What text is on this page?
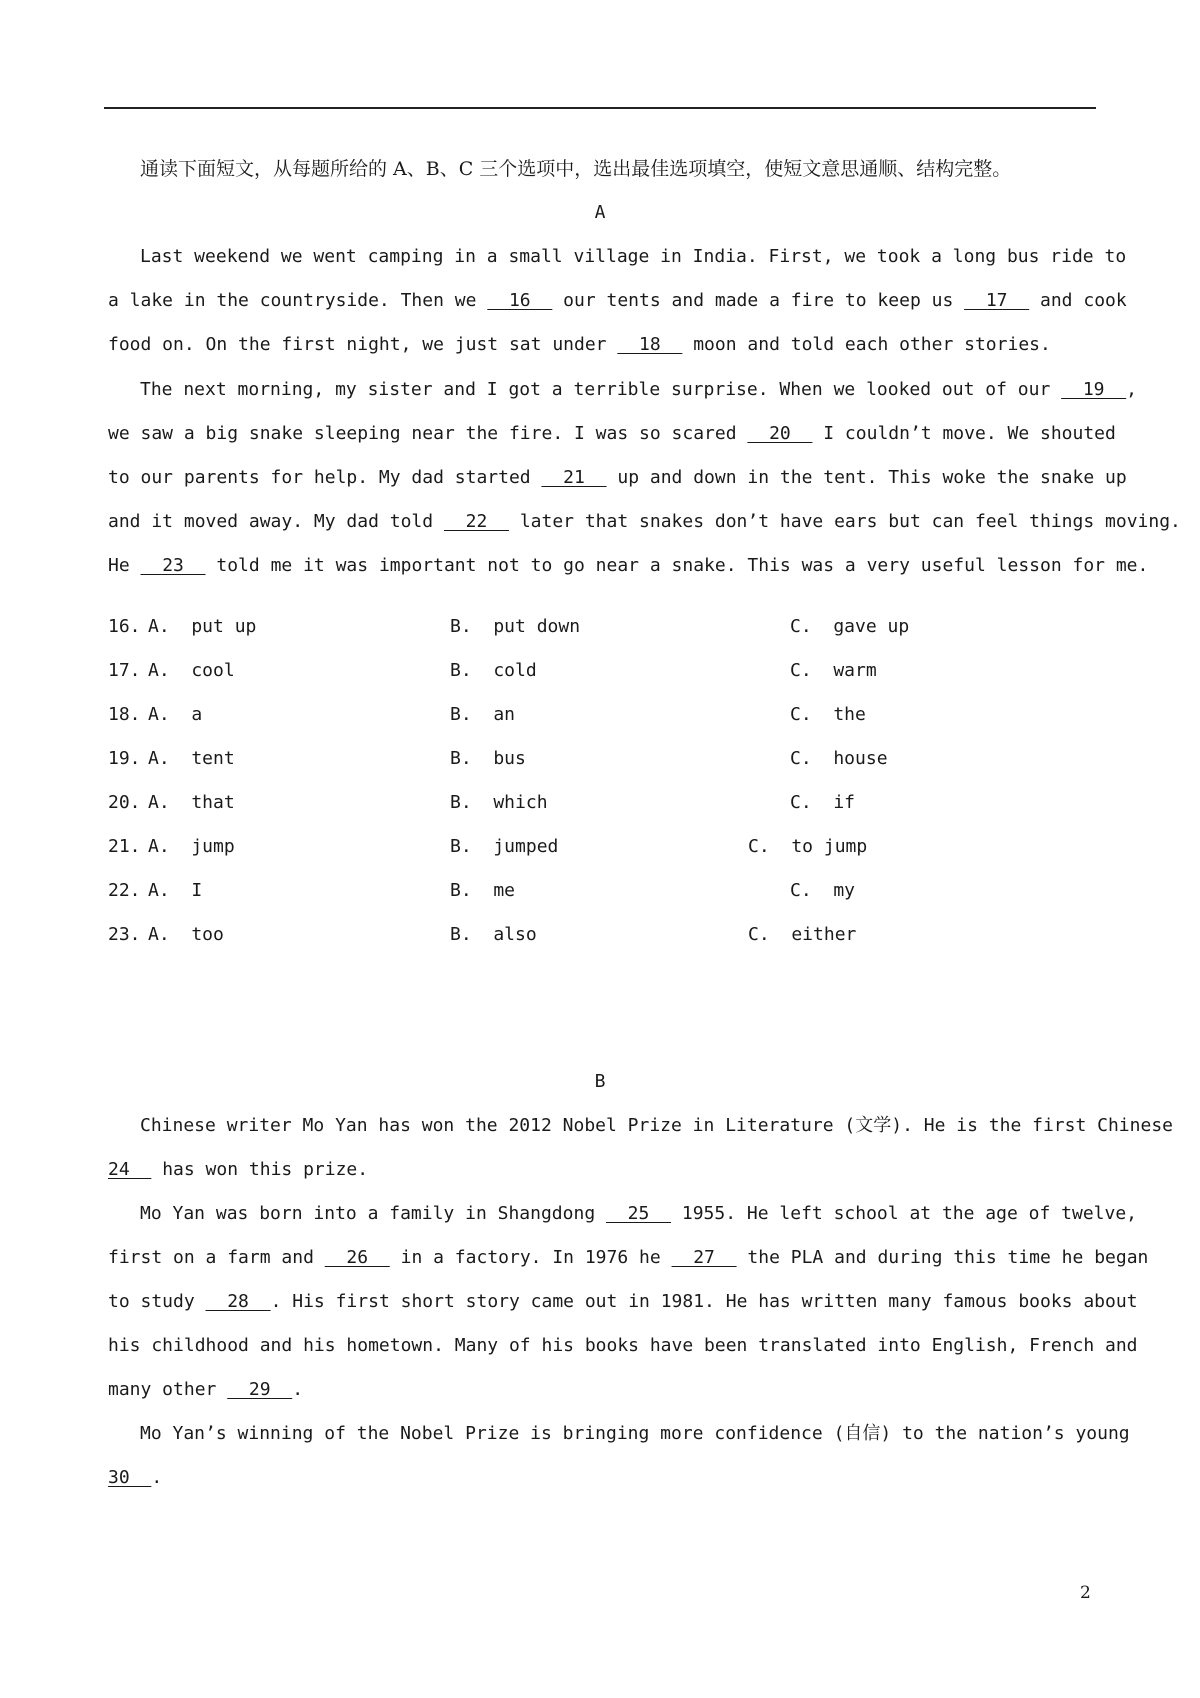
通读下面短文，从每题所给的 A、B、C 三个选项中，选出最佳选项填空，使短文意思通顺、结构完整。
A
Last weekend we went camping in a small village in India. First, we took a long bus ride to
a lake in the countryside. Then we   16   our tents and made a fire to keep us   17   and cook
food on. On the first night, we just sat under   18   moon and told each other stories.
The next morning, my sister and I got a terrible surprise. When we looked out of our   19  ,
we saw a big snake sleeping near the fire. I was so scared   20   I couldn’t move. We shouted
to our parents for help. My dad started   21   up and down in the tent. This woke the snake up
and it moved away. My dad told   22   later that snakes don’t have ears but can feel things moving.
He   23   told me it was important not to go near a snake. This was a very useful lesson for me.
16. A.  put up	B.  put down	C.  gave up
17. A.  cool	B.  cold	C.  warm
18. A.  a	B.  an	C.  the
19. A.  tent	B.  bus	C.  house
20. A.  that	B.  which	C.  if
21. A.  jump	B.  jumped	C.  to jump
22. A.  I	B.  me	C.  my
23. A.  too	B.  also	C.  either
B
Chinese writer Mo Yan has won the 2012 Nobel Prize in Literature (文学). He is the first Chinese
24   has won this prize.
Mo Yan was born into a family in Shangdong   25   1955. He left school at the age of twelve,
first on a farm and   26   in a factory. In 1976 he   27   the PLA and during this time he began
to study   28  . His first short story came out in 1981. He has written many famous books about
his childhood and his hometown. Many of his books have been translated into English, French and
many other   29  .
Mo Yan’s winning of the Nobel Prize is bringing more confidence (自信) to the nation’s young
30  .
2
